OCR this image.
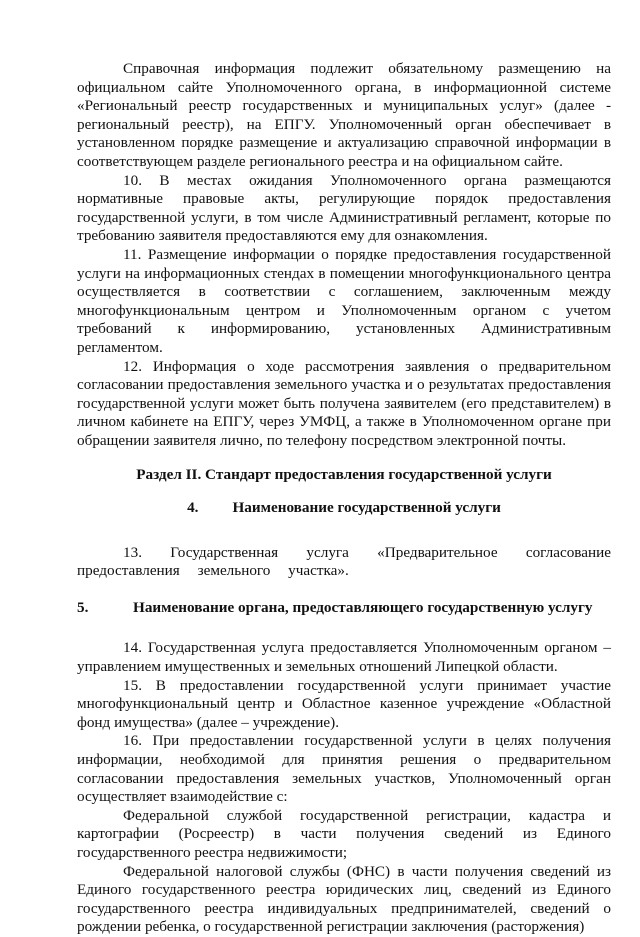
Справочная информация подлежит обязательному размещению на официальном сайте Уполномоченного органа, в информационной системе «Региональный реестр государственных и муниципальных услуг» (далее - региональный реестр), на ЕПГУ. Уполномоченный орган обеспечивает в установленном порядке размещение и актуализацию справочной информации в соответствующем разделе регионального реестра и на официальном сайте.

10. В местах ожидания Уполномоченного органа размещаются нормативные правовые акты, регулирующие порядок предоставления государственной услуги, в том числе Административный регламент, которые по требованию заявителя предоставляются ему для ознакомления.

11. Размещение информации о порядке предоставления государственной услуги на информационных стендах в помещении многофункционального центра осуществляется в соответствии с соглашением, заключенным между многофункциональным центром и Уполномоченным органом с учетом требований к информированию, установленных Административным регламентом.

12. Информация о ходе рассмотрения заявления о предварительном согласовании предоставления земельного участка и о результатах предоставления государственной услуги может быть получена заявителем (его представителем) в личном кабинете на ЕПГУ, через УМФЦ, а также в Уполномоченном органе при обращении заявителя лично, по телефону посредством электронной почты.

Раздел II. Стандарт предоставления государственной услуги

4. Наименование государственной услуги

13. Государственная услуга «Предварительное согласование предоставления земельного участка».

5.	Наименование органа, предоставляющего государственную услугу

14. Государственная услуга предоставляется Уполномоченным органом – управлением имущественных и земельных отношений Липецкой области.

15. В предоставлении государственной услуги принимает участие многофункциональный центр и Областное казенное учреждение «Областной фонд имущества» (далее – учреждение).

16. При предоставлении государственной услуги в целях получения информации, необходимой для принятия решения о предварительном согласовании предоставления земельных участков, Уполномоченный орган осуществляет взаимодействие с:

Федеральной службой государственной регистрации, кадастра и картографии (Росреестр) в части получения сведений из Единого государственного реестра недвижимости;

Федеральной налоговой службы (ФНС) в части получения сведений из Единого государственного реестра юридических лиц, сведений из Единого государственного реестра индивидуальных предпринимателей, сведений о рождении ребенка, о государственной регистрации заключения (расторжения)
